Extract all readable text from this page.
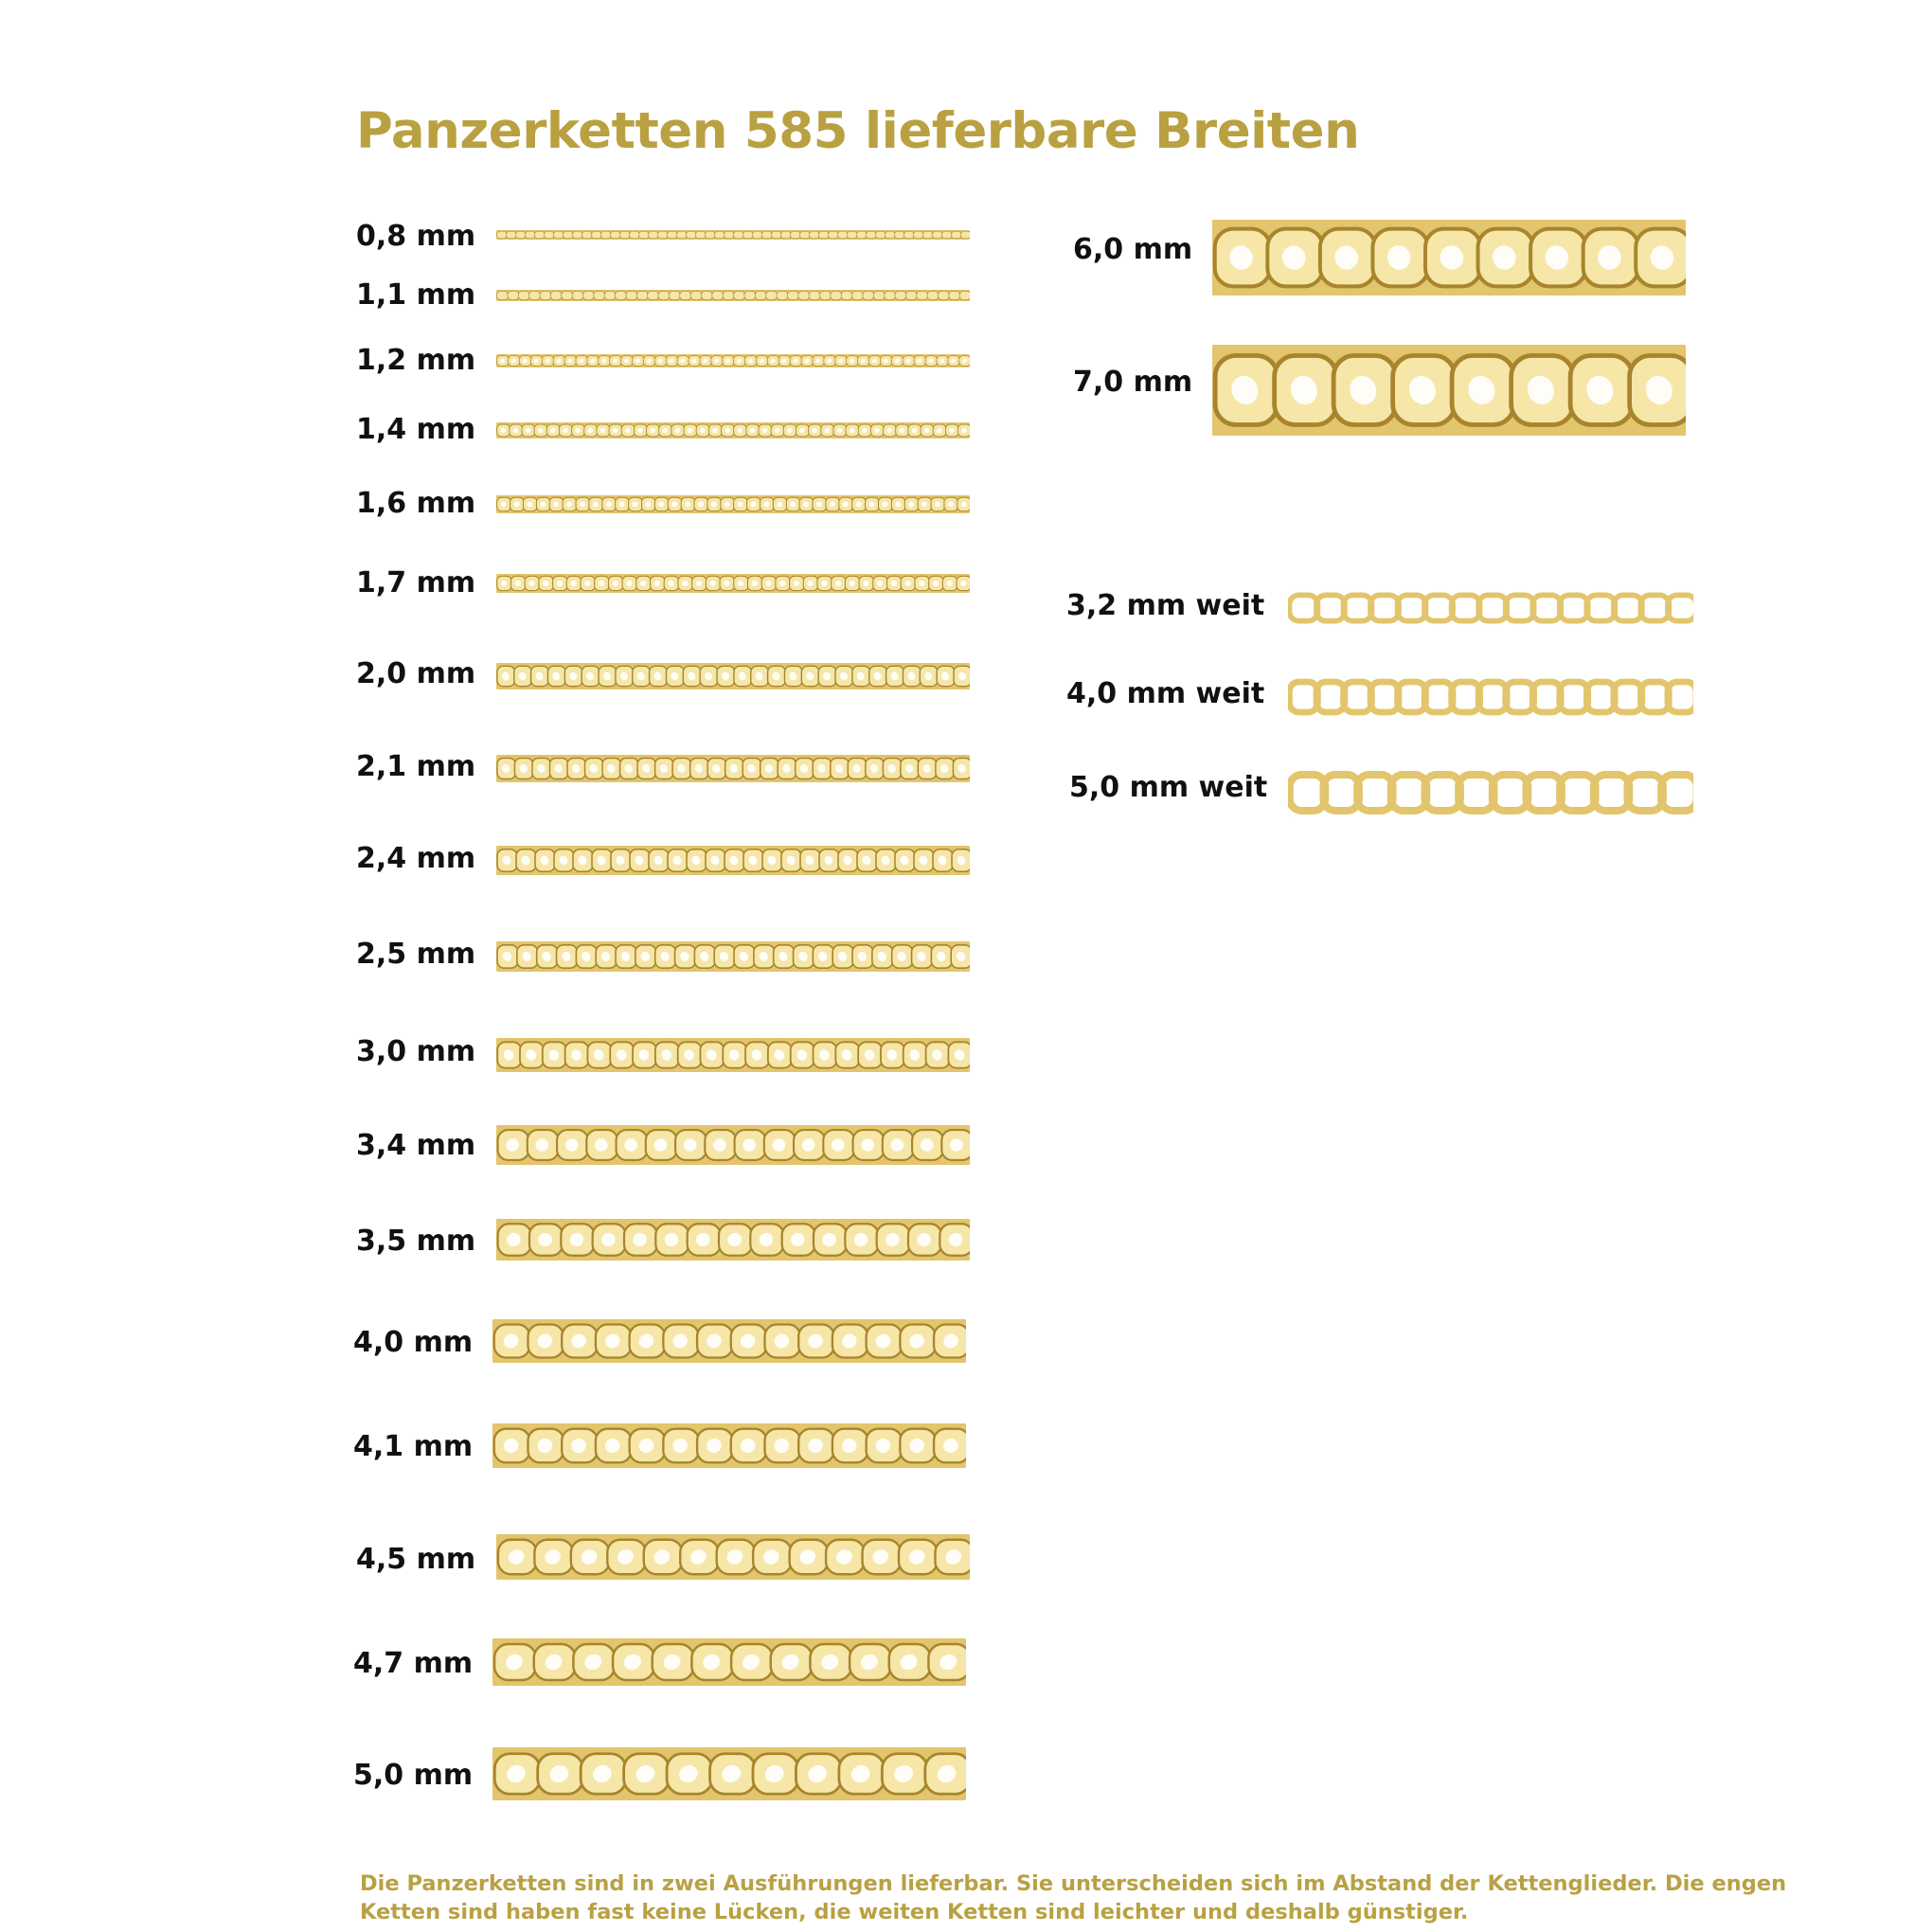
Panzerketten 585 lieferbare Breiten
0,8 mm
1,1 mm
1,2 mm
1,4 mm
1,6 mm
1,7 mm
2,0 mm
2,1 mm
2,4 mm
2,5 mm
3,0 mm
3,4 mm
3,5 mm
4,0 mm
4,1 mm
4,5 mm
4,7 mm
5,0 mm
6,0 mm
7,0 mm
3,2 mm weit
4,0 mm weit
5,0 mm weit
Die Panzerketten sind in zwei Ausführungen lieferbar. Sie unterscheiden sich im Abstand der Kettenglieder. Die engen
Ketten sind haben fast keine Lücken, die weiten Ketten sind leichter und deshalb günstiger.
